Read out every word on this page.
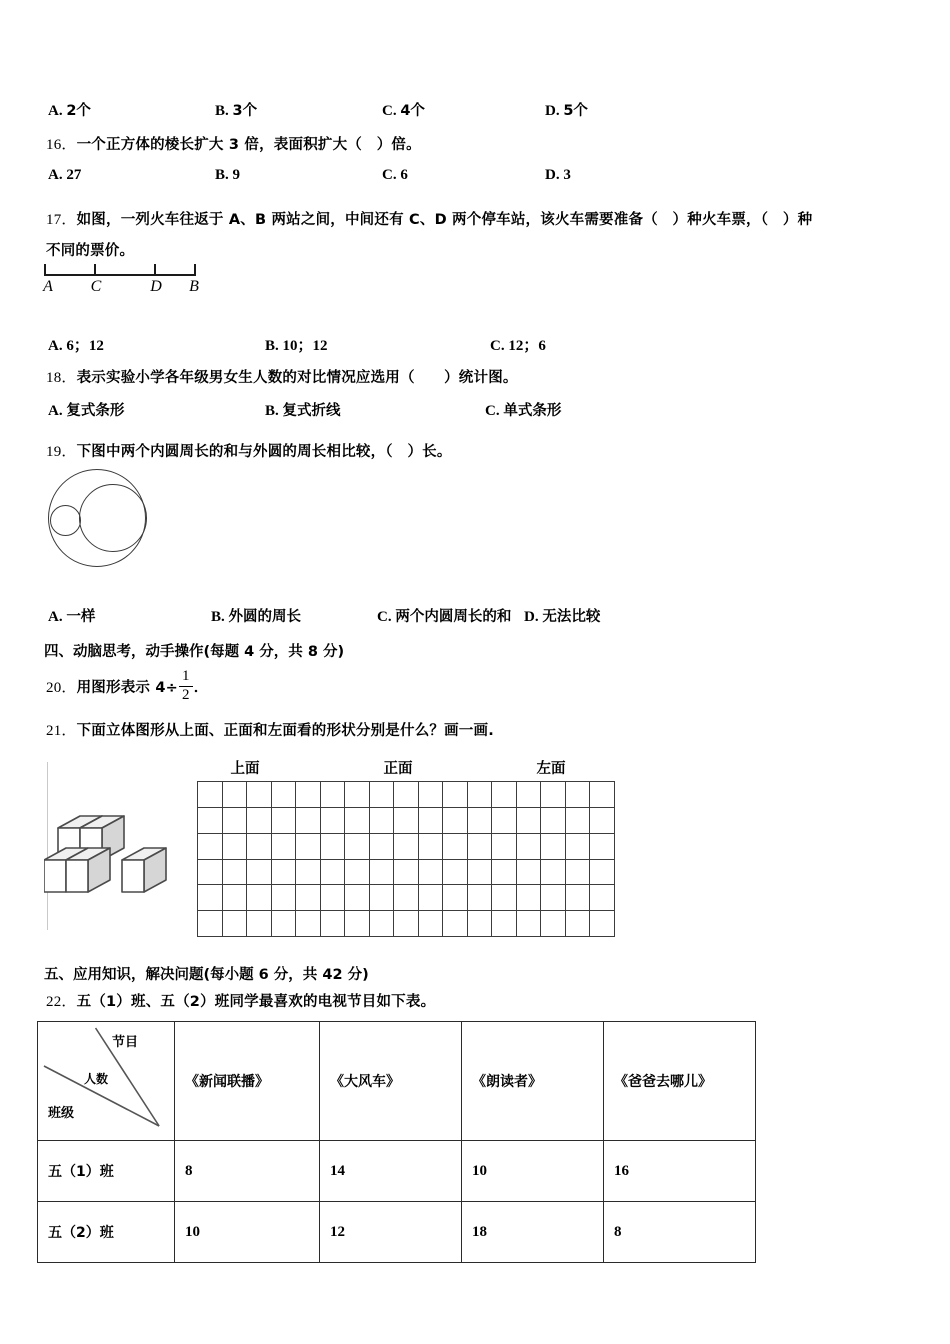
A. 2个	B. 3个	C. 4个	D. 5个
16．一个正方体的棱长扩大 3 倍，表面积扩大（　）倍。
A. 27	B. 9	C. 6	D. 3
17．如图，一列火车往返于 A、B 两站之间，中间还有 C、D 两个停车站，该火车需要准备（　）种火车票，（　）种
不同的票价。
A C	D B
A. 6；12	B. 10；12	C. 12；6
18．表示实验小学各年级男女生人数的对比情况应选用（　　）统计图。
A. 复式条形	B. 复式折线	C. 单式条形
19．下图中两个内圆周长的和与外圆的周长相比较，（　）长。
A. 一样	B. 外圆的周长	C. 两个内圆周长的和 D. 无法比较
四、动脑思考，动手操作(每题 4 分，共 8 分)
20．用图形表示 $4\div \frac{1}{2}$ ．
21．下面立体图形从上面、正面和左面看的形状分别是什么？画一画.
上面	正面	左面
五、应用知识，解决问题(每小题 6 分，共 42 分)
22．五（1）班、五（2）班同学最喜欢的电视节目如下表。
节目
人数
班级	《新闻联播》	《大风车》	《朗读者》	《爸爸去哪儿》
五（1）班	8	14	10	16
五（2）班	10	12	18	8
